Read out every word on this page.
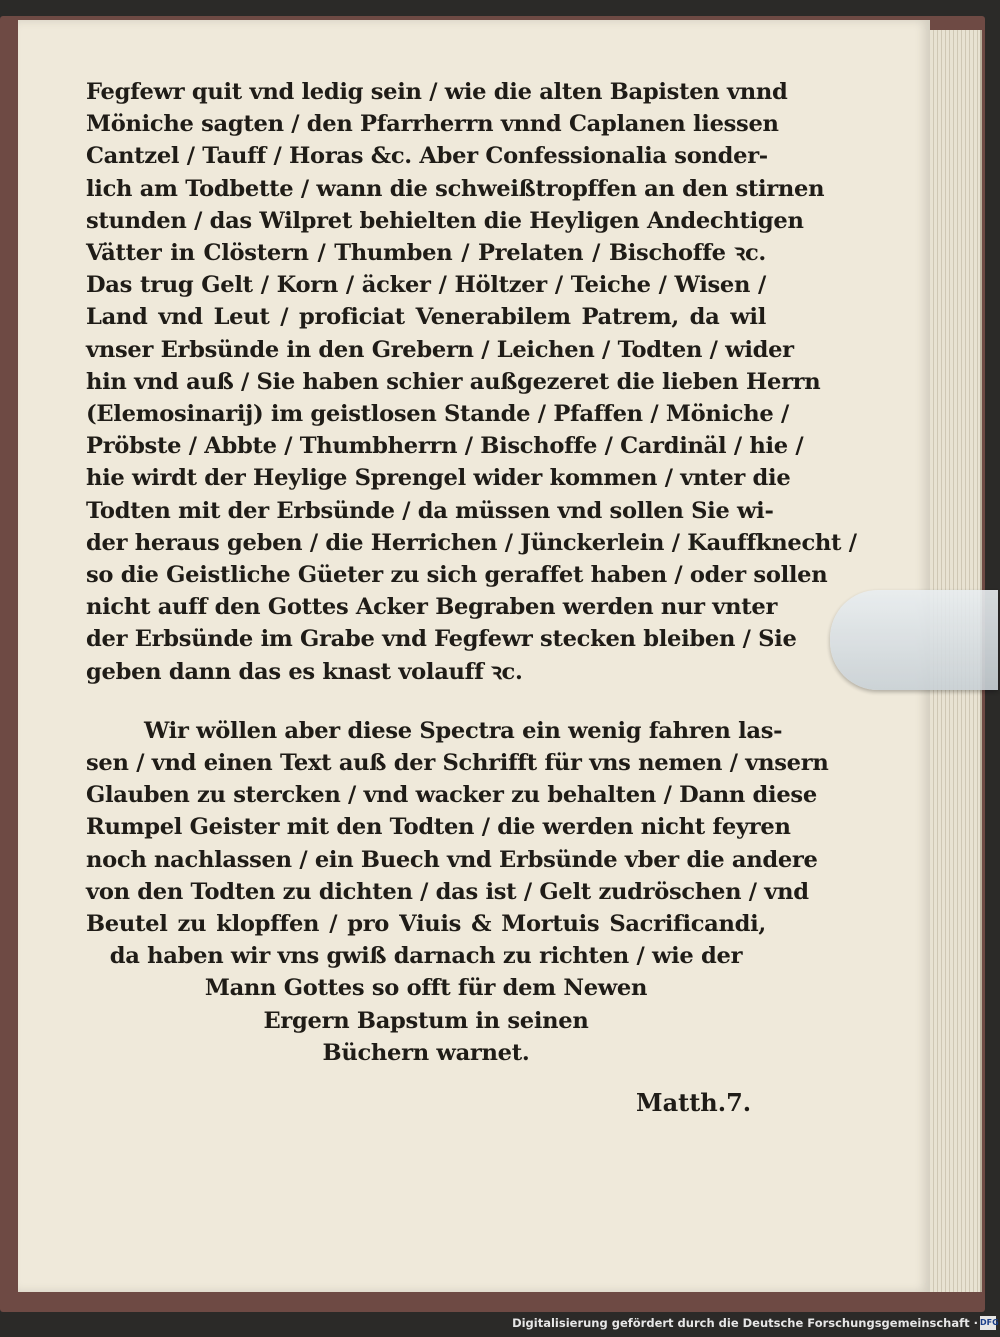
Fegfewr quit vnd ledig sein / wie die alten Bapisten vnnd
Möniche sagten / den Pfarrherrn vnnd Caplanen liessen
Cantzel / Tauff / Horas &c. Aber Confessionalia sonder-
lich am Todbette / wann die schweißtropffen an den stirnen
stunden / das Wilpret behielten die Heyligen Andechtigen
Vätter in Clöstern / Thumben / Prelaten / Bischoffe ꝛc.
Das trug Gelt / Korn / äcker / Höltzer / Teiche / Wisen /
Land vnd Leut / proficiat Venerabilem Patrem, da wil
vnser Erbsünde in den Grebern / Leichen / Todten / wider
hin vnd auß / Sie haben schier außgezeret die lieben Herrn
(Elemosinarij) im geistlosen Stande / Pfaffen / Möniche /
Pröbste / Abbte / Thumbherrn / Bischoffe / Cardinäl / hie /
hie wirdt der Heylige Sprengel wider kommen / vnter die
Todten mit der Erbsünde / da müssen vnd sollen Sie wi-
der heraus geben / die Herrichen / Jünckerlein / Kauffknecht /
so die Geistliche Güeter zu sich geraffet haben / oder sollen
nicht auff den Gottes Acker Begraben werden nur vnter
der Erbsünde im Grabe vnd Fegfewr stecken bleiben / Sie
geben dann das es knast volauff ꝛc.
Wir wöllen aber diese Spectra ein wenig fahren las-
sen / vnd einen Text auß der Schrifft für vns nemen / vnsern
Glauben zu stercken / vnd wacker zu behalten / Dann diese
Rumpel Geister mit den Todten / die werden nicht feyren
noch nachlassen / ein Buech vnd Erbsünde vber die andere
von den Todten zu dichten / das ist / Gelt zudröschen / vnd
Beutel zu klopffen / pro Viuis & Mortuis Sacrificandi,
da haben wir vns gwiß darnach zu richten / wie der
Mann Gottes so offt für dem Newen
Ergern Bapstum in seinen
Büchern warnet.
Matth.7.
Digitalisierung gefördert durch die Deutsche Forschungsgemeinschaft · DFG
